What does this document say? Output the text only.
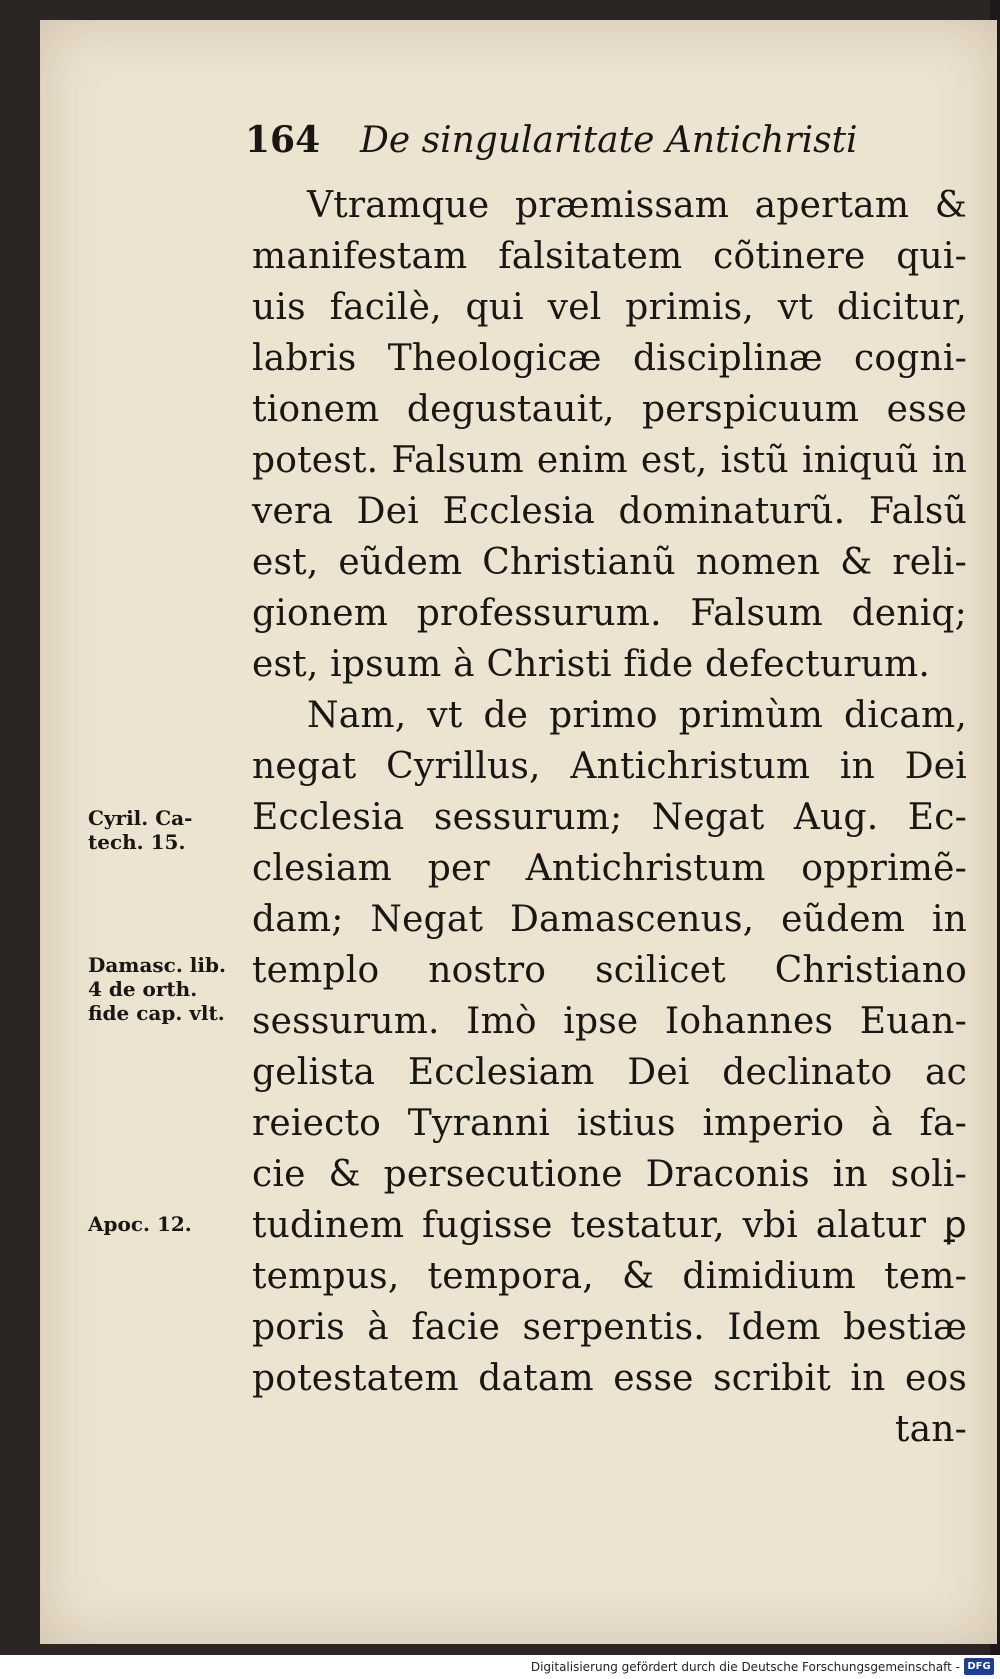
164 De singularitate Antichristi
Vtramque præmissam apertam &
manifestam falsitatem cõtinere qui-
uis facilè, qui vel primis, vt dicitur,
labris Theologicæ disciplinæ cogni-
tionem degustauit, perspicuum esse
potest. Falsum enim est, istũ iniquũ in
vera Dei Ecclesia dominaturũ. Falsũ
est, eũdem Christianũ nomen & reli-
gionem professurum. Falsum deniq;
est, ipsum à Christi fide defecturum.
Nam, vt de primo primùm dicam,
negat Cyrillus, Antichristum in Dei
Ecclesia sessurum; Negat Aug. Ec-
clesiam per Antichristum opprimẽ-
dam; Negat Damascenus, eũdem in
templo nostro scilicet Christiano
sessurum. Imò ipse Iohannes Euan-
gelista Ecclesiam Dei declinato ac
reiecto Tyranni istius imperio à fa-
cie & persecutione Draconis in soli-
tudinem fugisse testatur, vbi alatur ꝑ
tempus, tempora, & dimidium tem-
poris à facie serpentis. Idem bestiæ
potestatem datam esse scribit in eos
tan-
Cyril. Ca-
tech. 15.
Damasc. lib.
4 de orth.
fide cap. vlt.
Apoc. 12.
Digitalisierung gefördert durch die Deutsche Forschungsgemeinschaft - DFG
